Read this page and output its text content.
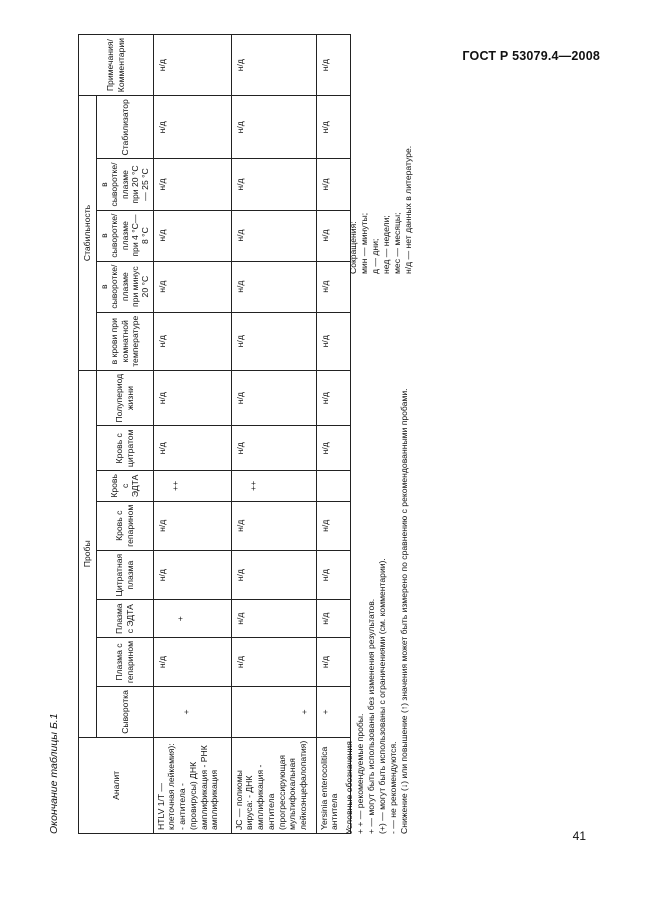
ГОСТ Р 53079.4—2008
Окончание таблицы Б.1	Аналит	Пробы								Стабильность					Примечания/ Комментарии
	Сыворотка	Плазма с гепарином	Плазма с ЭДТА	Цитратная плазма	Кровь с гепарином	Кровь с ЭДТА	Кровь с цитратом	Полупериод жизни	в крови при комнатной температуре	в сыворотке/ плазме при минус 20 °С	в сыворотке/ плазме при 4 °С—8 °С	в сыворотке/ плазме при 20 °С — 25 °С	Стабилизатор	
HTLV 1/T — клеточная лейкемия): - антитела - (провирусы) ДНК амплификация - РНК амплификация	+	н/д	+	н/д	н/д	++	н/д	н/д	н/д	н/д	н/д	н/д	н/д	н/д
JC — полиомы вируса: - ДНК амплификация - антитела (прогрессирующая мультифокальная лейкоэнцефалопатия)	+	н/д	н/д	н/д	н/д	++	н/д	н/д	н/д	н/д	н/д	н/д	н/д	н/д
Yersinia enterocolitica антитела	+	н/д	н/д	н/д	н/д		н/д	н/д	н/д	н/д	н/д	н/д	н/д	н/д
Условные обозначения + + — рекомендуемые пробы. + — могут быть использованы без изменения результатов. (+) — могут быть использованы с ограничениями (см. комментарии). - — не рекомендуются. Снижение (↓) или повышение (↑) значения может быть измерено по сравнению с рекомендованными пробами.
Сокращения: мин — минуты; д — дни; нед — недели; мес — месяцы; н/д — нет данных в литературе.
41
